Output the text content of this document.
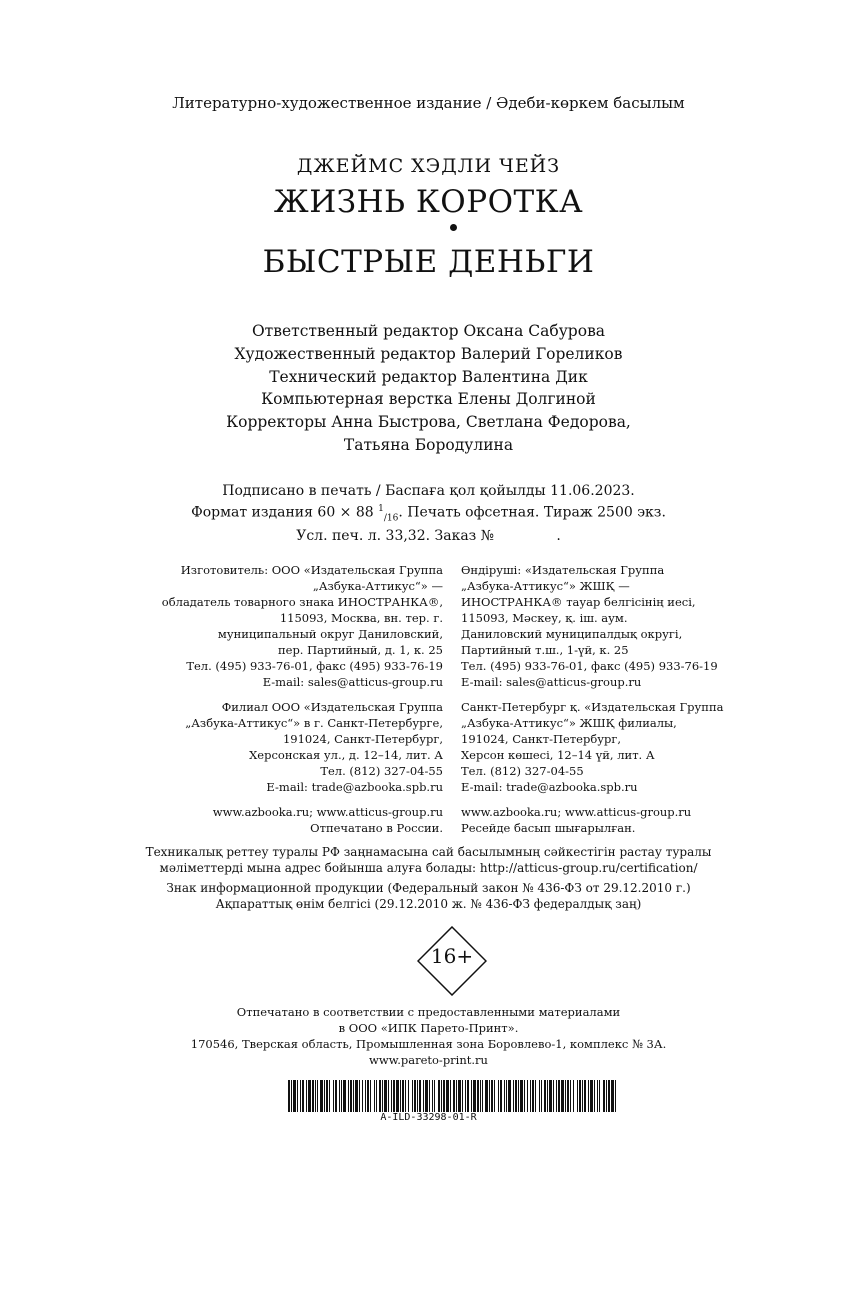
Литературно-художественное издание / Әдеби-көркем басылым
ДЖЕЙМС ХЭДЛИ ЧЕЙЗ
ЖИЗНЬ КОРОТКА
БЫСТРЫЕ ДЕНЬГИ
Ответственный редактор Оксана Сабурова
Художественный редактор Валерий Гореликов
Технический редактор Валентина Дик
Компьютерная верстка Елены Долгиной
Корректоры Анна Быстрова, Светлана Федорова,
Татьяна Бородулина
Подписано в печать / Баспаға қол қойылды 11.06.2023.
Формат издания 60 × 88 $^1_{/16}$. Печать офсетная. Тираж 2500 экз.
Усл. печ. л. 33,32. Заказ №              .
Изготовитель: ООО «Издательская Группа
„Азбука-Аттикус“» —
обладатель товарного знака ИНОСТРАНКА®,
115093, Москва, вн. тер. г.
муниципальный округ Даниловский,
пер. Партийный, д. 1, к. 25
Тел. (495) 933-76-01, факс (495) 933-76-19
E-mail: sales@atticus-group.ru
Филиал ООО «Издательская Группа
„Азбука-Аттикус“» в г. Санкт-Петербурге,
191024, Санкт-Петербург,
Херсонская ул., д. 12–14, лит. А
Тел. (812) 327-04-55
E-mail: trade@azbooka.spb.ru
www.azbooka.ru; www.atticus-group.ru
Отпечатано в России.
Өндіруші: «Издательская Группа
„Азбука-Аттикус“» ЖШҚ —
ИНОСТРАНКА® тауар белгісінің иесі,
115093, Мәскеу, қ. іш. аум.
Даниловский муниципалдық округі,
Партийный т.ш., 1-үй, к. 25
Тел. (495) 933-76-01, факс (495) 933-76-19
E-mail: sales@atticus-group.ru
Санкт-Петербург қ. «Издательская Группа
„Азбука-Аттикус“» ЖШҚ филиалы,
191024, Санкт-Петербург,
Херсон көшесі, 12–14 үй, лит. А
Тел. (812) 327-04-55
E-mail: trade@azbooka.spb.ru
www.azbooka.ru; www.atticus-group.ru
Ресейде басып шығарылған.
Техникалық реттеу туралы РФ заңнамасына сай басылымның сәйкестігін растау туралы
мәліметтерді мына адрес бойынша алуға болады: http://atticus-group.ru/certification/
Знак информационной продукции (Федеральный закон № 436-ФЗ от 29.12.2010 г.)
Ақпараттық өнім белгісі (29.12.2010 ж. № 436-ФЗ федералдық заң)
16+
Отпечатано в соответствии с предоставленными материалами
в ООО «ИПК Парето-Принт».
170546, Тверская область, Промышленная зона Боровлево-1, комплекс № 3А.
www.pareto-print.ru
A-ILD-33298-01-R
